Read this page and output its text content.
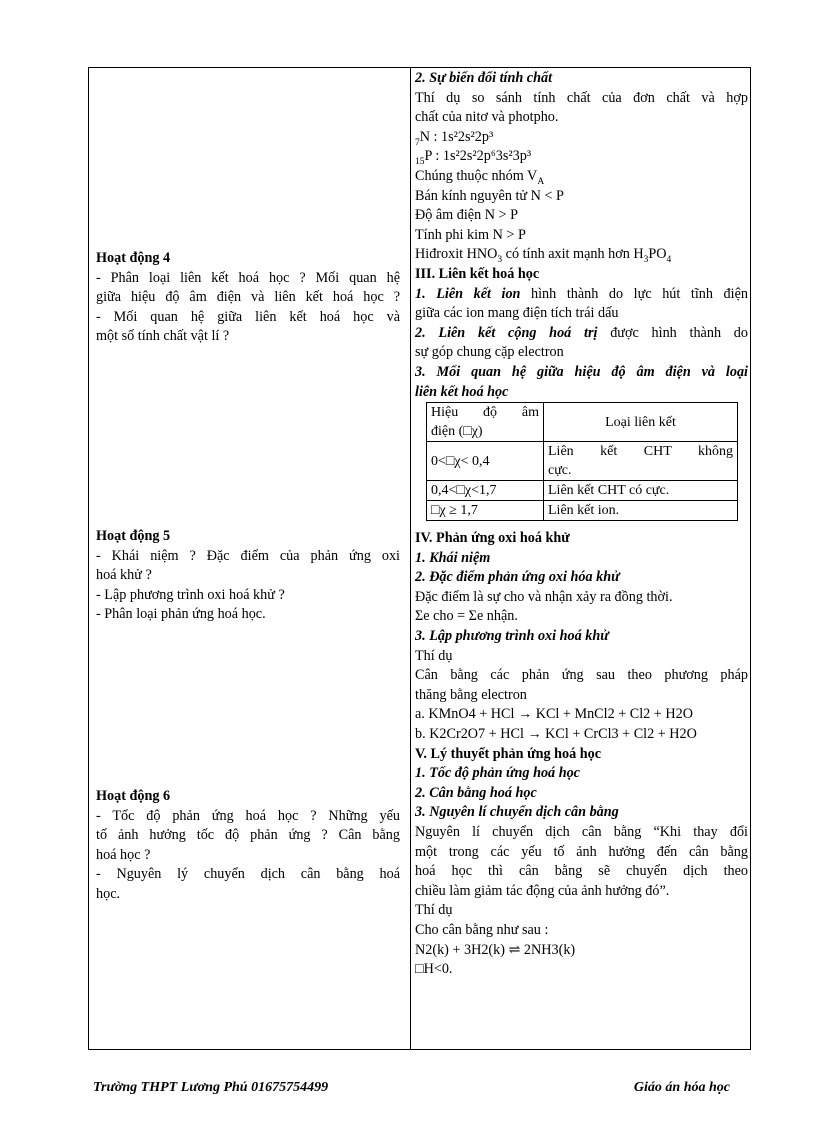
Hoạt động 4
- Phân loại liên kết hoá học ? Mối quan hệ
giữa hiệu độ âm điện và liên kết hoá học ?
- Mối quan hệ giữa liên kết hoá học và
một số tính chất vật lí ?
Hoạt động 5
- Khái niệm ? Đặc điểm của phản ứng oxi
hoá khử ?
- Lập phương trình oxi hoá khử ?
- Phân loại phản ứng hoá học.
Hoạt động 6
- Tốc độ phản ứng hoá học ? Những yếu
tố ảnh hưởng tốc độ phản ứng ? Cân bằng
hoá học ?
- Nguyên lý chuyển dịch cân bằng hoá
học.
2. Sự biến đổi tính chất
Thí dụ so sánh tính chất của đơn chất và hợp
chất của nitơ và photpho.
$_7$N : 1s²2s²2p³
$_{15}$P : 1s²2s²2p⁶3s²3p³
Chúng thuộc nhóm $V_A$
Bán kính nguyên tử N < P
Độ âm điện N > P
Tính phi kim N > P
Hiđroxit $HNO_3$ có tính axit mạnh hơn $H_3PO_4$
III. Liên kết hoá học
1. Liên kết ion hình thành do lực hút tĩnh điện
giữa các ion mang điện tích trái dấu
2. Liên kết cộng hoá trị được hình thành do
sự góp chung cặp electron
3. Mối quan hệ giữa hiệu độ âm điện và loại
liên kết hoá học
Hiệu độ âm
điện (□χ)	Loại liên kết
0<□χ< 0,4	Liên kết CHT không
cực.

0,4<□χ<1,7	Liên kết CHT có cực.
□χ ≥ 1,7	Liên kết ion.
IV. Phản ứng oxi hoá khử
1. Khái niệm
2. Đặc điểm phản ứng oxi hóa khử
Đặc điểm là sự cho và nhận xảy ra đồng thời.
Σe cho = Σe nhận.
3. Lập phương trình oxi hoá khử
Thí dụ
Cân bằng các phản ứng sau theo phương pháp
thăng bằng electron
a. KMnO4 + HCl → KCl + MnCl2 + Cl2 + H2O
b. K2Cr2O7 + HCl → KCl + CrCl3 + Cl2 + H2O
V. Lý thuyết phản ứng hoá học
1. Tốc độ phản ứng hoá học
2. Cân bằng hoá học
3. Nguyên lí chuyển dịch cân bằng
Nguyên lí chuyển dịch cân bằng “Khi thay đổi
một trong các yếu tố ảnh hưởng đến cân bằng
hoá học thì cân bằng sẽ chuyển dịch theo
chiều làm giảm tác động của ảnh hưởng đó”.
Thí dụ
Cho cân bằng như sau :
N2(k) + 3H2(k) ⇌ 2NH3(k)
□H<0.
Trường THPT Lương Phú 01675754499	Giáo án hóa học
